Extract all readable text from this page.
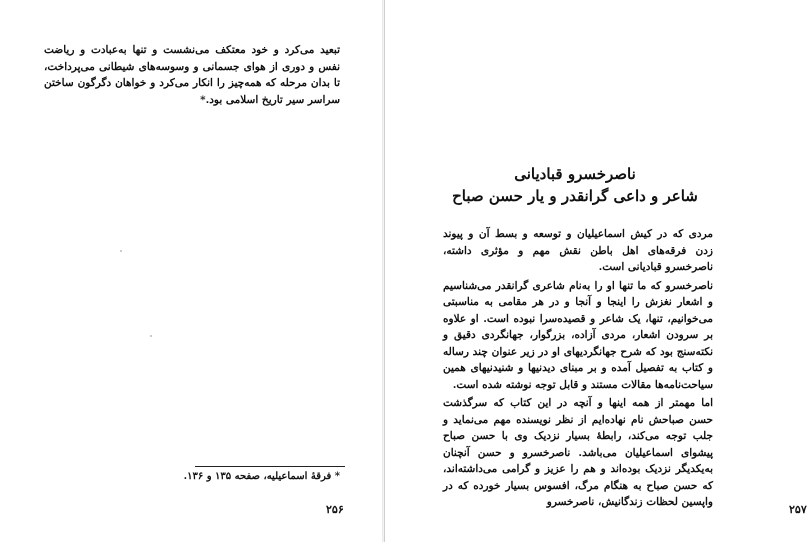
تبعید می‌کرد و خود معتکف می‌نشست و تنها به‌عبادت و ریاضت نفس و دوری از هوای جسمانی و وسوسه‌های شیطانی می‌پرداخت، تا بدان مرحله که همه‌چیز را انکار می‌کرد و خواهان دگرگون ساختن سراسر سیر تاریخ اسلامی بود.*

* فرقهٔ اسماعیلیه، صفحه ۱۳۵ و ۱۳۶.
۲۵۶
ناصرخسرو قبادیانی
شاعر و داعی گرانقدر و یار حسن صباح

مردی که در کیش اسماعیلیان و توسعه و بسط آن و پیوند زدن فرقه‌های اهل باطن نقش مهم و مؤثری داشته، ناصرخسرو قبادیانی است.

ناصرخسرو که ما تنها او را به‌نام شاعری گرانقدر می‌شناسیم و اشعار نغزش را اینجا و آنجا و در هر مقامی به مناسبتی می‌خوانیم، تنها، یک شاعر و قصیده‌سرا نبوده است. او علاوه بر سرودن اشعار، مردی آزاده، بزرگوار، جهانگردی دقیق و نکته‌سنج بود که شرح جهانگردیهای او در زیر عنوان چند رساله و کتاب به تفصیل آمده و بر مبنای دیدنیها و شنیدنیهای همین سیاحت‌نامه‌ها مقالات مستند و قابل توجه نوشته شده است.

اما مهمتر از همه اینها و آنچه در این کتاب که سرگذشت حسن صباحش نام نهاده‌ایم از نظر نویسنده مهم می‌نماید و جلب توجه می‌کند، رابطهٔ بسیار نزدیک وی با حسن صباح پیشوای اسماعیلیان می‌باشد. ناصرخسرو و حسن آنچنان به‌یکدیگر نزدیک بوده‌اند و هم را عزیز و گرامی می‌داشته‌اند، که حسن صباح به هنگام مرگ، افسوس بسیار خورده که در واپسین لحظات زندگانیش، ناصرخسرو

۲۵۷
